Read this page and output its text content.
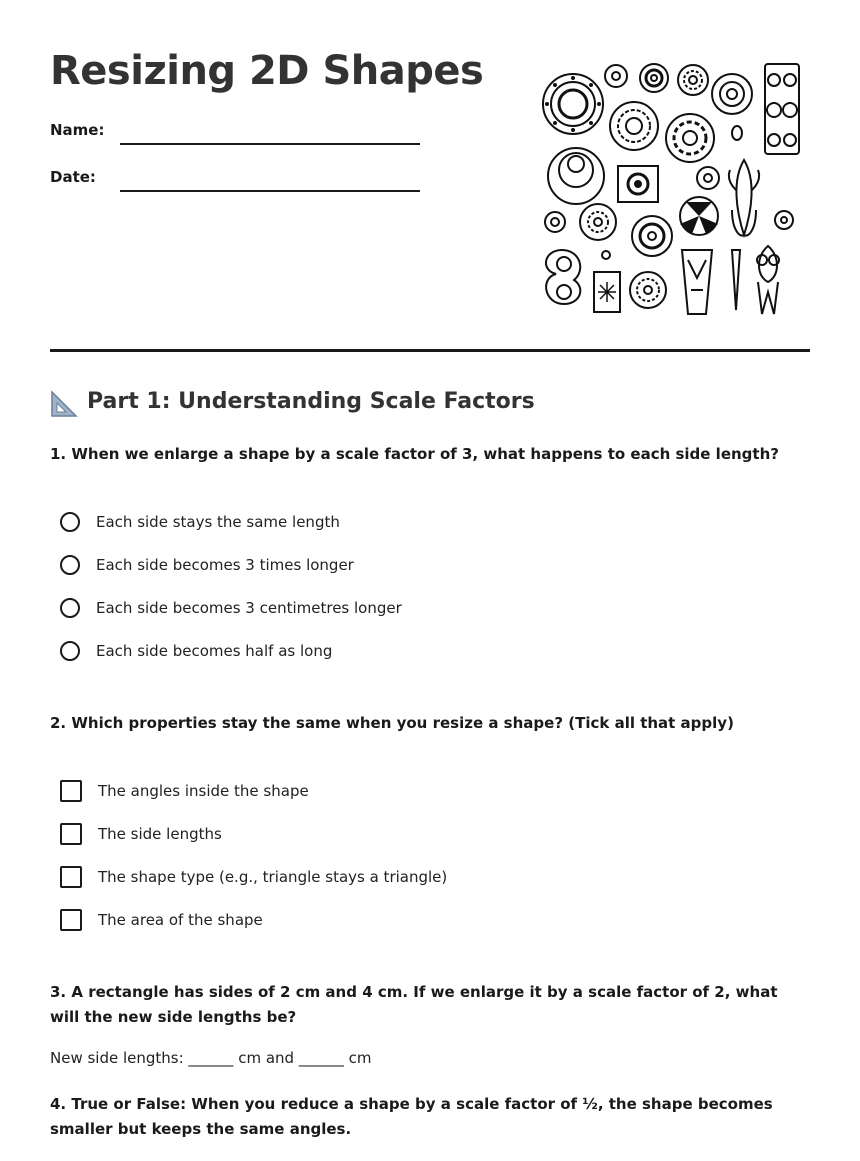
Resizing 2D Shapes
Name:
Date:
Part 1: Understanding Scale Factors

1. When we enlarge a shape by a scale factor of 3, what happens to each side length?

Each side stays the same length
Each side becomes 3 times longer
Each side becomes 3 centimetres longer
Each side becomes half as long

2. Which properties stay the same when you resize a shape? (Tick all that apply)

The angles inside the shape
The side lengths
The shape type (e.g., triangle stays a triangle)
The area of the shape

3. A rectangle has sides of 2 cm and 4 cm. If we enlarge it by a scale factor of 2, what will the new side lengths be?

New side lengths: ______ cm and ______ cm

4. True or False: When you reduce a shape by a scale factor of ½, the shape becomes smaller but keeps the same angles.
